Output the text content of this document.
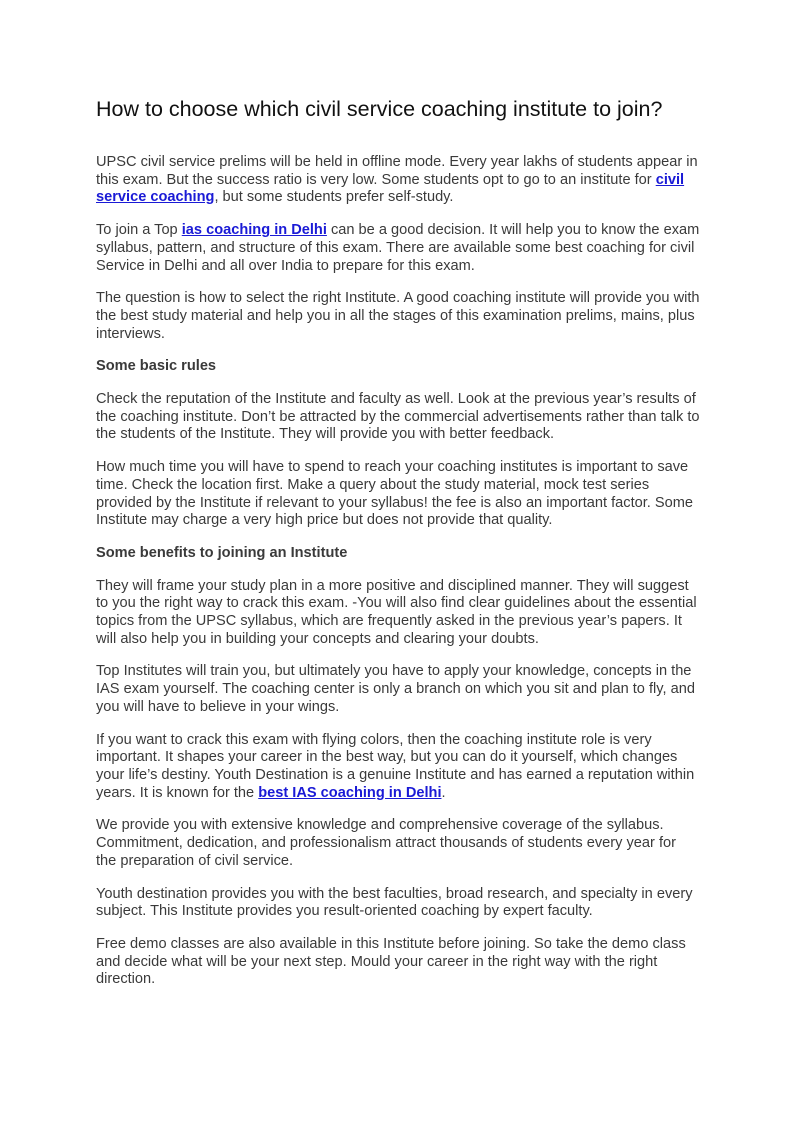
How to choose which civil service coaching institute to join?

UPSC civil service prelims will be held in offline mode. Every year lakhs of students appear in this exam. But the success ratio is very low. Some students opt to go to an institute for civil service coaching, but some students prefer self-study.

To join a Top ias coaching in Delhi can be a good decision. It will help you to know the exam syllabus, pattern, and structure of this exam. There are available some best coaching for civil Service in Delhi and all over India to prepare for this exam.

The question is how to select the right Institute. A good coaching institute will provide you with the best study material and help you in all the stages of this examination prelims, mains, plus interviews.

Some basic rules

Check the reputation of the Institute and faculty as well. Look at the previous year’s results of the coaching institute. Don’t be attracted by the commercial advertisements rather than talk to the students of the Institute. They will provide you with better feedback.

How much time you will have to spend to reach your coaching institutes is important to save time. Check the location first. Make a query about the study material, mock test series provided by the Institute if relevant to your syllabus! the fee is also an important factor. Some Institute may charge a very high price but does not provide that quality.

Some benefits to joining an Institute

They will frame your study plan in a more positive and disciplined manner. They will suggest to you the right way to crack this exam. -You will also find clear guidelines about the essential topics from the UPSC syllabus, which are frequently asked in the previous year’s papers. It will also help you in building your concepts and clearing your doubts.

Top Institutes will train you, but ultimately you have to apply your knowledge, concepts in the IAS exam yourself. The coaching center is only a branch on which you sit and plan to fly, and you will have to believe in your wings.

If you want to crack this exam with flying colors, then the coaching institute role is very important. It shapes your career in the best way, but you can do it yourself, which changes your life’s destiny. Youth Destination is a genuine Institute and has earned a reputation within years. It is known for the best IAS coaching in Delhi.

We provide you with extensive knowledge and comprehensive coverage of the syllabus. Commitment, dedication, and professionalism attract thousands of students every year for the preparation of civil service.

Youth destination provides you with the best faculties, broad research, and specialty in every subject. This Institute provides you result-oriented coaching by expert faculty.

Free demo classes are also available in this Institute before joining. So take the demo class and decide what will be your next step. Mould your career in the right way with the right direction.
